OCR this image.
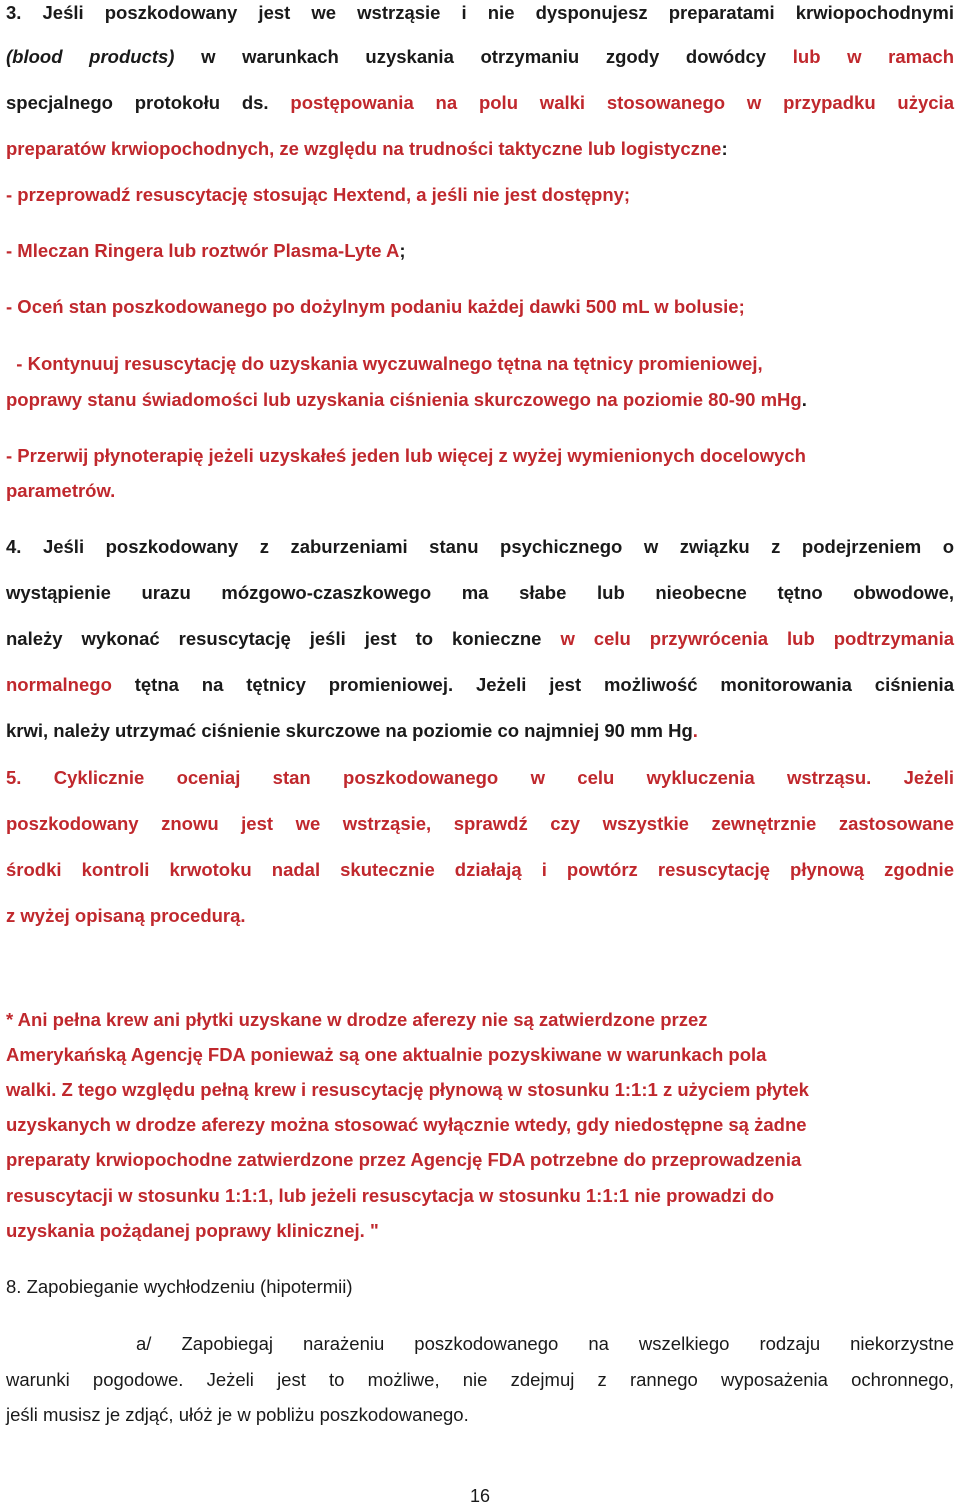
3. Jeśli poszkodowany jest we wstrząsie i nie dysponujesz preparatami krwiopochodnymi

(blood products) w warunkach uzyskania otrzymaniu zgody dowódcy lub w ramach

specjalnego protokołu ds. postępowania na polu walki stosowanego w przypadku użycia

preparatów krwiopochodnych, ze względu na trudności taktyczne lub logistyczne:

- przeprowadź resuscytację stosując Hextend, a jeśli nie jest dostępny;

- Mleczan Ringera lub roztwór Plasma-Lyte A;

- Oceń stan poszkodowanego po dożylnym podaniu każdej dawki 500 mL w bolusie;

- Kontynuuj resuscytację do uzyskania wyczuwalnego tętna na tętnicy promieniowej,

poprawy stanu świadomości lub uzyskania ciśnienia skurczowego na poziomie 80-90 mHg.

- Przerwij płynoterapię jeżeli uzyskałeś jeden lub więcej z wyżej wymienionych docelowych

parametrów.

4. Jeśli poszkodowany z zaburzeniami stanu psychicznego w związku z podejrzeniem o

wystąpienie urazu mózgowo-czaszkowego ma słabe lub nieobecne tętno obwodowe,

należy wykonać resuscytację jeśli jest to konieczne w celu przywrócenia lub podtrzymania

normalnego tętna na tętnicy promieniowej. Jeżeli jest możliwość monitorowania ciśnienia

krwi, należy utrzymać ciśnienie skurczowe na poziomie co najmniej 90 mm Hg.

5. Cyklicznie oceniaj stan poszkodowanego w celu wykluczenia wstrząsu. Jeżeli

poszkodowany znowu jest we wstrząsie, sprawdź czy wszystkie zewnętrznie zastosowane

środki kontroli krwotoku nadal skutecznie działają i powtórz resuscytację płynową zgodnie

z wyżej opisaną procedurą.

* Ani pełna krew ani płytki uzyskane w drodze aferezy nie są zatwierdzone przez

Amerykańską Agencję FDA ponieważ są one aktualnie pozyskiwane w warunkach pola

walki. Z tego względu pełną krew i resuscytację płynową w stosunku 1:1:1 z użyciem płytek

uzyskanych w drodze aferezy można stosować wyłącznie wtedy, gdy niedostępne są żadne

preparaty krwiopochodne zatwierdzone przez Agencję FDA potrzebne do przeprowadzenia

resuscytacji w stosunku 1:1:1, lub jeżeli resuscytacja w stosunku 1:1:1 nie prowadzi do

uzyskania pożądanej poprawy klinicznej. "

8. Zapobieganie wychłodzeniu (hipotermii)

a/ Zapobiegaj narażeniu poszkodowanego na wszelkiego rodzaju niekorzystne

warunki pogodowe. Jeżeli jest to możliwe, nie zdejmuj z rannego wyposażenia ochronnego,

jeśli musisz je zdjąć, ułóż je w pobliżu poszkodowanego.

16
